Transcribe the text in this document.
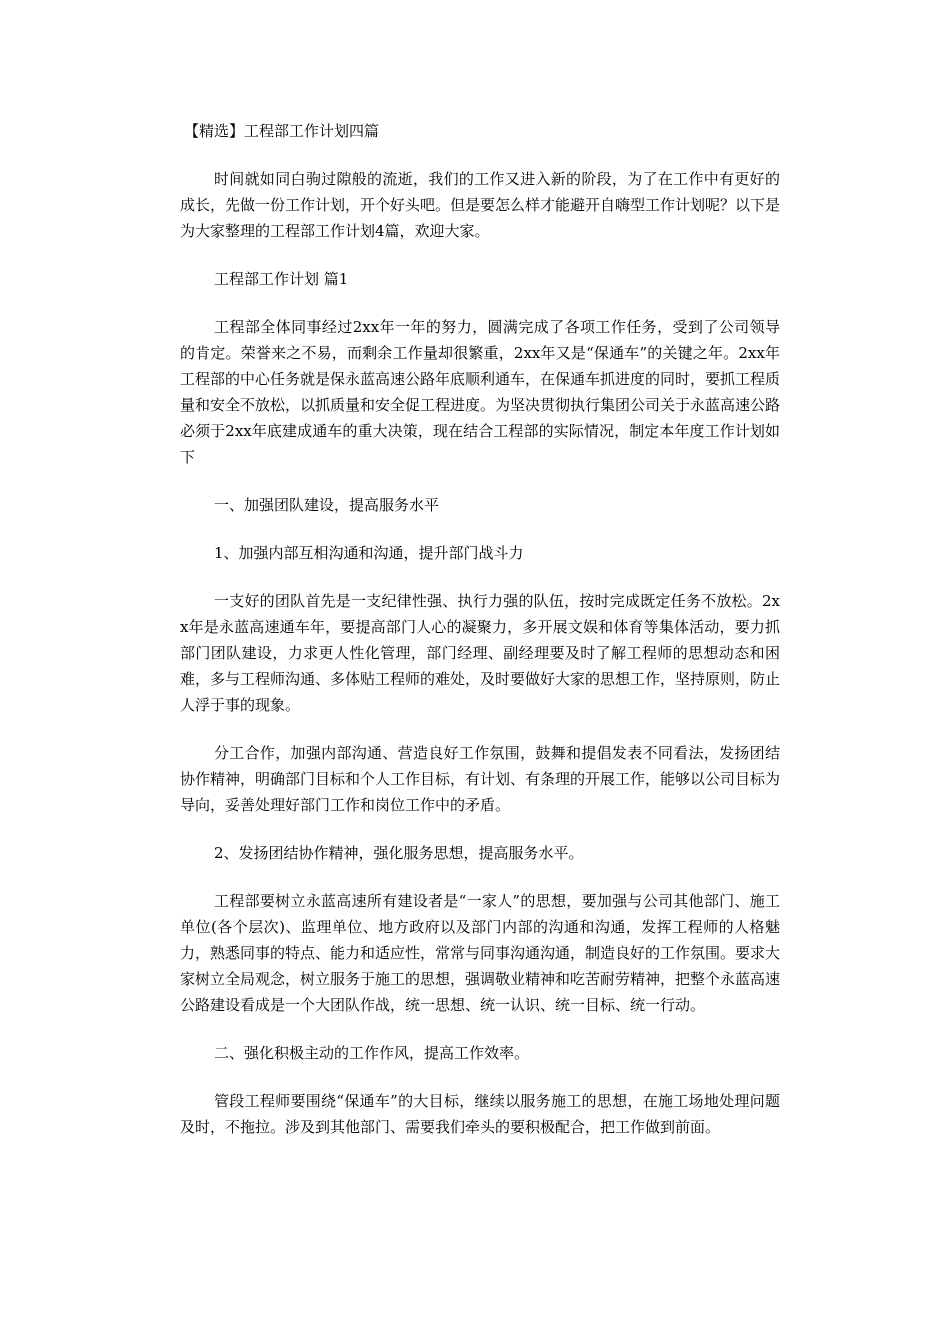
【精选】工程部工作计划四篇

时间就如同白驹过隙般的流逝，我们的工作又进入新的阶段，为了在工作中有更好的成长，先做一份工作计划，开个好头吧。但是要怎么样才能避开自嗨型工作计划呢？以下是为大家整理的工程部工作计划4篇，欢迎大家。

工程部工作计划 篇1

工程部全体同事经过2xx年一年的努力，圆满完成了各项工作任务，受到了公司领导的肯定。荣誉来之不易，而剩余工作量却很繁重，2xx年又是“保通车”的关键之年。2xx年工程部的中心任务就是保永蓝高速公路年底顺利通车，在保通车抓进度的同时，要抓工程质量和安全不放松，以抓质量和安全促工程进度。为坚决贯彻执行集团公司关于永蓝高速公路必须于2xx年底建成通车的重大决策，现在结合工程部的实际情况，制定本年度工作计划如下

一、加强团队建设，提高服务水平

1、加强内部互相沟通和沟通，提升部门战斗力

一支好的团队首先是一支纪律性强、执行力强的队伍，按时完成既定任务不放松。2xx年是永蓝高速通车年，要提高部门人心的凝聚力，多开展文娱和体育等集体活动，要力抓部门团队建设，力求更人性化管理，部门经理、副经理要及时了解工程师的思想动态和困难，多与工程师沟通、多体贴工程师的难处，及时要做好大家的思想工作，坚持原则，防止人浮于事的现象。

分工合作，加强内部沟通、营造良好工作氛围，鼓舞和提倡发表不同看法，发扬团结协作精神，明确部门目标和个人工作目标，有计划、有条理的开展工作，能够以公司目标为导向，妥善处理好部门工作和岗位工作中的矛盾。

2、发扬团结协作精神，强化服务思想，提高服务水平。

工程部要树立永蓝高速所有建设者是“一家人”的思想，要加强与公司其他部门、施工单位(各个层次)、监理单位、地方政府以及部门内部的沟通和沟通，发挥工程师的人格魅力，熟悉同事的特点、能力和适应性，常常与同事沟通沟通，制造良好的工作氛围。要求大家树立全局观念，树立服务于施工的思想，强调敬业精神和吃苦耐劳精神，把整个永蓝高速公路建设看成是一个大团队作战，统一思想、统一认识、统一目标、统一行动。

二、强化积极主动的工作作风，提高工作效率。

管段工程师要围绕“保通车”的大目标，继续以服务施工的思想，在施工场地处理问题及时，不拖拉。涉及到其他部门、需要我们牵头的要积极配合，把工作做到前面。
